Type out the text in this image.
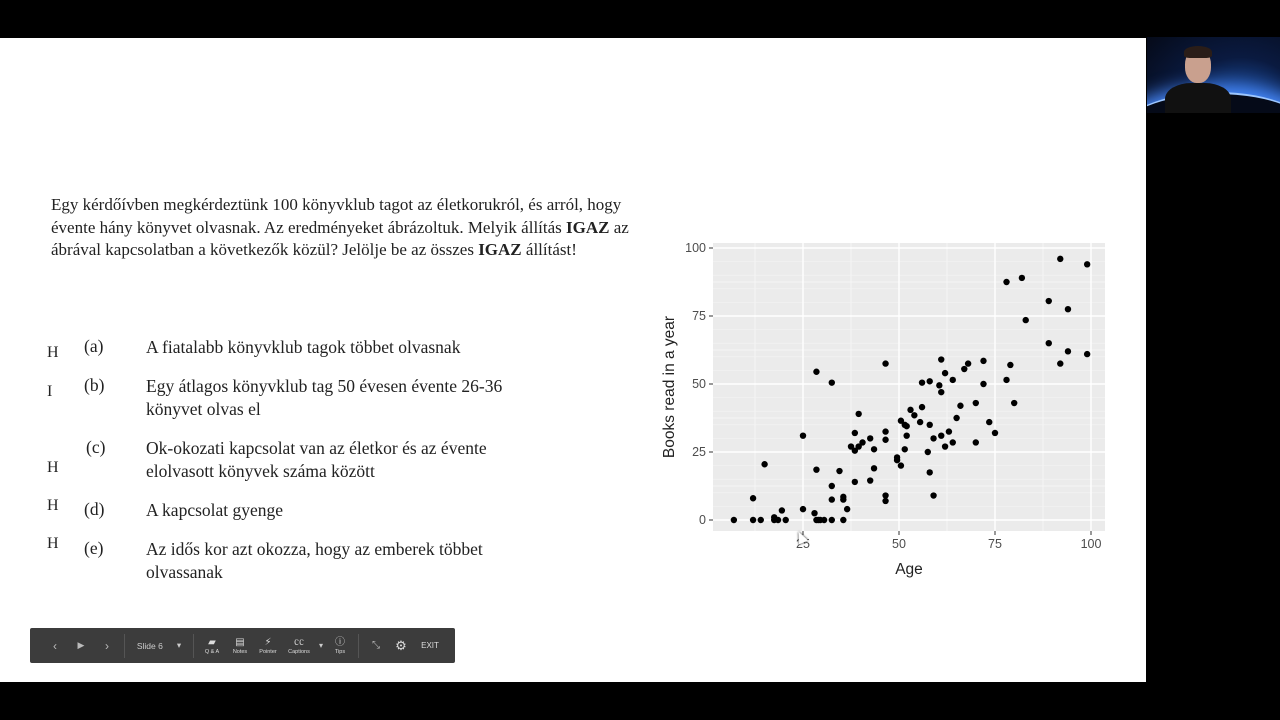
Egy kérdőívben megkérdeztünk 100 könyvklub tagot az életkorukról, és arról, hogy évente hány könyvet olvasnak. Az eredményeket ábrázoltuk. Melyik állítás IGAZ az ábrával kapcsolatban a következők közül? Jelölje be az összes IGAZ állítást!

H (a) A fiatalabb könyvklub tagok többet olvasnak
I (b) Egy átlagos könyvklub tag 50 évesen évente 26-36
könyvet olvas el
H
(c) Ok-okozati kapcsolat van az életkor és az évente
elolvasott könyvek száma között
H (d) A kapcsolat gyenge
H (e) Az idős kor azt okozza, hogy az emberek többet
olvassanak
0
25
50
75
100
25	50	75	100
Age
Books read in a year
‹ ▶ ›	Slide 6 ▾	▰
Q & A
▤
Notes
⚡
Pointer
㏄
Captions
▾ ⓘ
Tips
⤡ ⚙ EXIT
